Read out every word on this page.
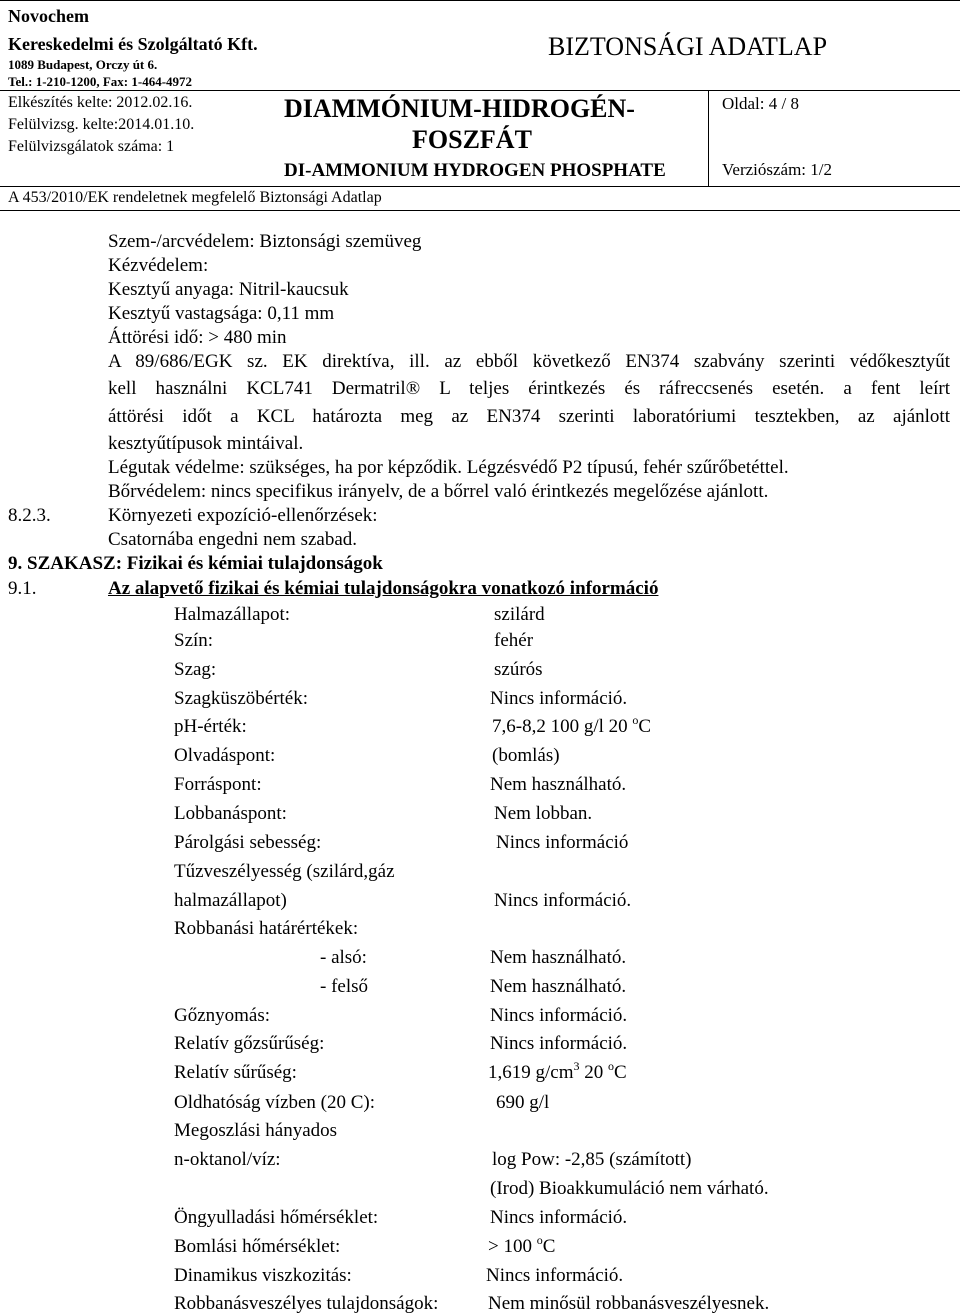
Novochem
Kereskedelmi és Szolgáltató Kft.
1089 Budapest, Orczy út 6.
Tel.: 1-210-1200, Fax: 1-464-4972
BIZTONSÁGI ADATLAP
Elkészítés kelte: 2012.02.16.
Felülvizsg. kelte:2014.01.10.
Felülvizsgálatok száma: 1
DIAMMÓNIUM-HIDROGÉN-
FOSZFÁT
DI-AMMONIUM HYDROGEN PHOSPHATE
Oldal: 4 / 8
Verziószám: 1/2
A 453/2010/EK rendeletnek megfelelő Biztonsági Adatlap
Szem-/arcvédelem: Biztonsági szemüveg
Kézvédelem:
Kesztyű anyaga: Nitril-kaucsuk
Kesztyű vastagsága: 0,11 mm
Áttörési idő: > 480 min
A 89/686/EGK sz. EK direktíva, ill. az ebből következő EN374 szabvány szerinti védőkesztyűt
kell használni KCL741 Dermatril® L teljes érintkezés és ráfreccsenés esetén. a fent leírt
áttörési időt a KCL határozta meg az EN374 szerinti laboratóriumi tesztekben, az ajánlott
kesztyűtípusok mintáival.
Légutak védelme: szükséges, ha por képződik. Légzésvédő P2 típusú, fehér szűrőbetéttel.
Bőrvédelem: nincs specifikus irányelv, de a bőrrel való érintkezés megelőzése ajánlott.
8.2.3.	Környezeti expozíció-ellenőrzések:
Csatornába engedni nem szabad.
9. SZAKASZ: Fizikai és kémiai tulajdonságok
9.1.	Az alapvető fizikai és kémiai tulajdonságokra vonatkozó információ
Halmazállapot:	szilárd
Szín:	fehér
Szag:	szúrós
Szagküszöbérték:	Nincs információ.
pH-érték:	7,6-8,2 100 g/l 20 $^o$C
Olvadáspont:	(bomlás)
Forráspont:	Nem használható.
Lobbanáspont:	Nem lobban.
Párolgási sebesség:	Nincs információ
Tűzveszélyesség (szilárd,gáz
halmazállapot)	Nincs információ.
Robbanási határértékek:
- alsó:	Nem használható.
- felső	Nem használható.
Gőznyomás:	Nincs információ.
Relatív gőzsűrűség:	Nincs információ.
Relatív sűrűség:	1,619 $g/cm^3$ 20 $^o$C
Oldhatóság vízben (20 C):	690 g/l
Megoszlási hányados
n-oktanol/víz:	log Pow: -2,85 (számított)
(Irod) Bioakkumuláció nem várható.
Öngyulladási hőmérséklet:	Nincs információ.
Bomlási hőmérséklet:	> 100 $^o$C
Dinamikus viszkozitás:	Nincs információ.
Robbanásveszélyes tulajdonságok:	Nem minősül robbanásveszélyesnek.
